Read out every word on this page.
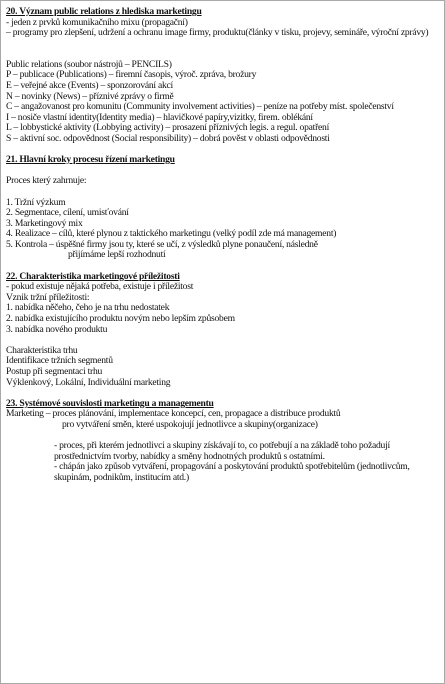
20. Význam public relations z hlediska marketingu
- jeden z prvků komunikačního mixu (propagační)
– programy pro zlepšení, udržení a ochranu image firmy, produktu(články v tisku, projevy, semináře, výroční zprávy)
Public relations (soubor nástrojů – PENCILS)
P – publicace (Publications) – firemní časopis, výroč. zpráva, brožury
E – veřejné akce (Events) – sponzorování akcí
N – novinky (News) – příznivé zprávy o firmě
C – angažovanost pro komunitu (Community involvement activities) – peníze na potřeby míst. společenství
I – nosiče vlastní identity(Identity media) – hlavičkové papíry,vizitky, firem. oblékání
L – lobbystické aktivity (Lobbying activity) – prosazení příznivých legis. a regul. opatření
S – aktivní soc. odpovědnost (Social responsibility) – dobrá pověst v oblasti odpovědnosti
21. Hlavní kroky procesu řízení marketingu
Proces který zahrnuje:
1. Tržní výzkum
2. Segmentace, cílení, umisťování
3. Marketingový mix
4. Realizace – cílů, které plynou z taktického marketingu (velký podíl zde má management)
5. Kontrola – úspěšné firmy jsou ty, které se učí, z výsledků plyne ponaučení, následně
přijímáme lepší rozhodnutí
22. Charakteristika marketingové příležitosti
- pokud existuje nějaká potřeba, existuje i příležitost
Vznik tržní příležitosti:
1. nabídka něčeho, čeho je na trhu nedostatek
2. nabídka existujícího produktu novým nebo lepším způsobem
3. nabídka nového produktu
Charakteristika trhu
Identifikace tržních segmentů
Postup při segmentaci trhu
Výklenkový, Lokální, Individuální marketing
23. Systémové souvislosti marketingu a managementu
Marketing – proces plánování, implementace koncepcí, cen, propagace a distribuce produktů
pro vytváření směn, které uspokojují jednotlivce a skupiny(organizace)
- proces, při kterém jednotlivci a skupiny získávají to, co potřebují a na základě toho požadují prostřednictvím tvorby, nabídky a směny hodnotných produktů s ostatními.
- chápán jako způsob vytváření, propagování a poskytování produktů spotřebitelům (jednotlivcům, skupinám, podnikům, institucím atd.)
